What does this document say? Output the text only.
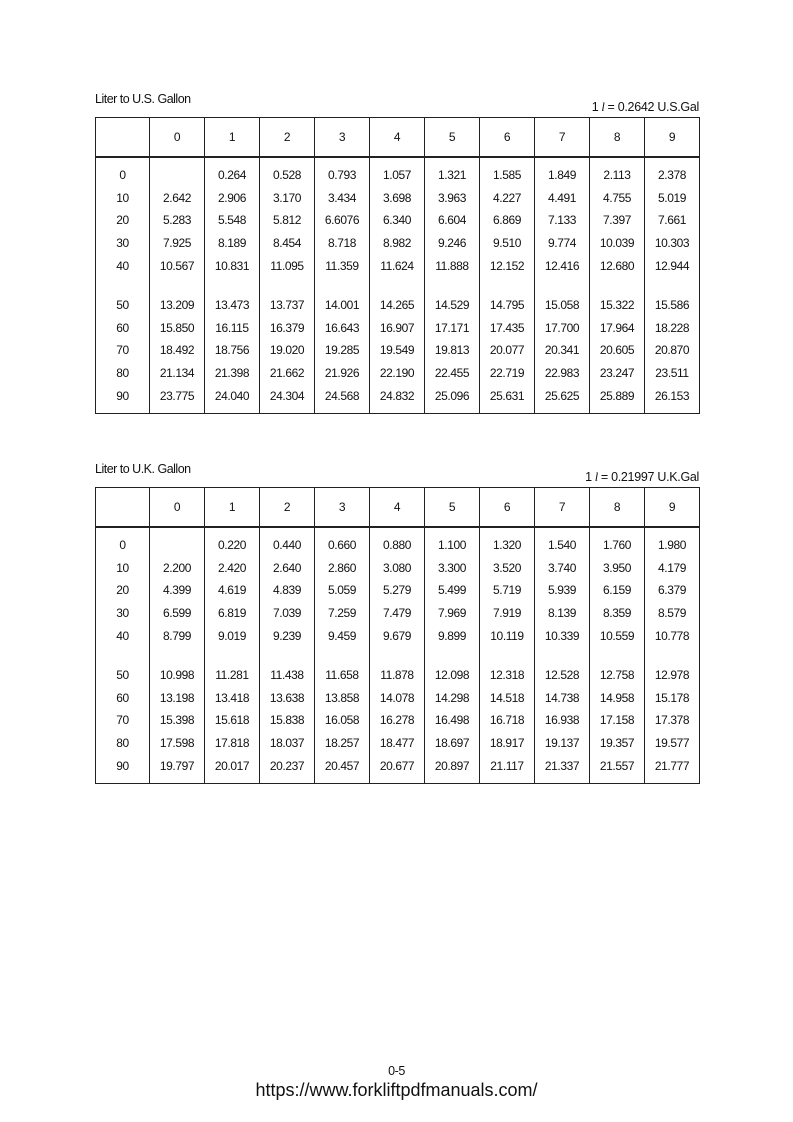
Liter to U.S. Gallon
1 l = 0.2642 U.S.Gal
	0	1	2	3	4	5	6	7	8	9

0		0.264	0.528	0.793	1.057	1.321	1.585	1.849	2.113	2.378
10	2.642	2.906	3.170	3.434	3.698	3.963	4.227	4.491	4.755	5.019
20	5.283	5.548	5.812	6.6076	6.340	6.604	6.869	7.133	7.397	7.661
30	7.925	8.189	8.454	8.718	8.982	9.246	9.510	9.774	10.039	10.303
40	10.567	10.831	11.095	11.359	11.624	11.888	12.152	12.416	12.680	12.944

50	13.209	13.473	13.737	14.001	14.265	14.529	14.795	15.058	15.322	15.586
60	15.850	16.115	16.379	16.643	16.907	17.171	17.435	17.700	17.964	18.228
70	18.492	18.756	19.020	19.285	19.549	19.813	20.077	20.341	20.605	20.870
80	21.134	21.398	21.662	21.926	22.190	22.455	22.719	22.983	23.247	23.511
90	23.775	24.040	24.304	24.568	24.832	25.096	25.631	25.625	25.889	26.153

Liter to U.K. Gallon
1 l = 0.21997 U.K.Gal
	0	1	2	3	4	5	6	7	8	9

0		0.220	0.440	0.660	0.880	1.100	1.320	1.540	1.760	1.980
10	2.200	2.420	2.640	2.860	3.080	3.300	3.520	3.740	3.950	4.179
20	4.399	4.619	4.839	5.059	5.279	5.499	5.719	5.939	6.159	6.379
30	6.599	6.819	7.039	7.259	7.479	7.969	7.919	8.139	8.359	8.579
40	8.799	9.019	9.239	9.459	9.679	9.899	10.119	10.339	10.559	10.778

50	10.998	11.281	11.438	11.658	11.878	12.098	12.318	12.528	12.758	12.978
60	13.198	13.418	13.638	13.858	14.078	14.298	14.518	14.738	14.958	15.178
70	15.398	15.618	15.838	16.058	16.278	16.498	16.718	16.938	17.158	17.378
80	17.598	17.818	18.037	18.257	18.477	18.697	18.917	19.137	19.357	19.577
90	19.797	20.017	20.237	20.457	20.677	20.897	21.117	21.337	21.557	21.777

0-5
https://www.forkliftpdfmanuals.com/
